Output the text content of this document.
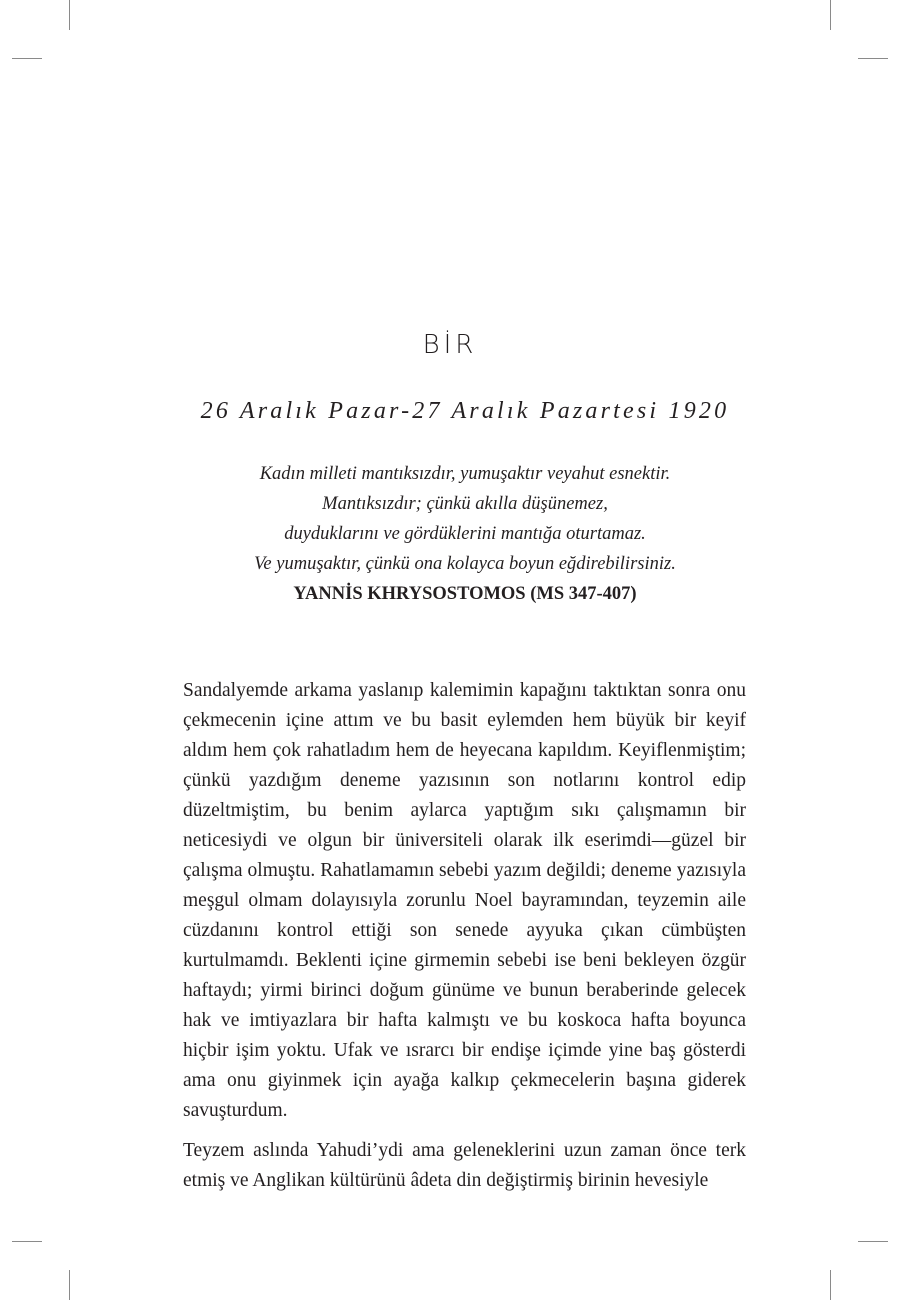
BİR
26 Aralık Pazar-27 Aralık Pazartesi 1920
Kadın milleti mantıksızdır, yumuşaktır veyahut esnektir.
Mantıksızdır; çünkü akılla düşünemez,
duyduklarını ve gördüklerini mantığa oturtamaz.
Ve yumuşaktır, çünkü ona kolayca boyun eğdirebilirsiniz.
YANNİS KHRYSOSTOMOS (MS 347-407)

Sandalyemde arkama yaslanıp kalemimin kapağını taktıktan sonra onu çekmecenin içine attım ve bu basit eylemden hem büyük bir keyif aldım hem çok rahatladım hem de heyecana kapıldım. Keyiflenmiştim; çünkü yazdığım deneme yazısının son notlarını kontrol edip düzeltmiştim, bu benim aylarca yaptığım sıkı çalışmamın bir neticesiydi ve olgun bir üniversiteli olarak ilk eserimdi—güzel bir çalışma olmuştu. Rahatlamamın sebebi yazım değildi; deneme yazısıyla meşgul olmam dolayısıyla zorunlu Noel bayramından, teyzemin aile cüzdanını kontrol ettiği son senede ayyuka çıkan cümbüşten kurtulmamdı. Beklenti içine girmemin sebebi ise beni bekleyen özgür haftaydı; yirmi birinci doğum günüme ve bunun beraberinde gelecek hak ve imtiyazlara bir hafta kalmıştı ve bu koskoca hafta boyunca hiçbir işim yoktu. Ufak ve ısrarcı bir endişe içimde yine baş gösterdi ama onu giyinmek için ayağa kalkıp çekmecelerin başına giderek savuşturdum.

Teyzem aslında Yahudi’ydi ama geleneklerini uzun zaman önce terk etmiş ve Anglikan kültürünü âdeta din değiştirmiş birinin hevesiyle
